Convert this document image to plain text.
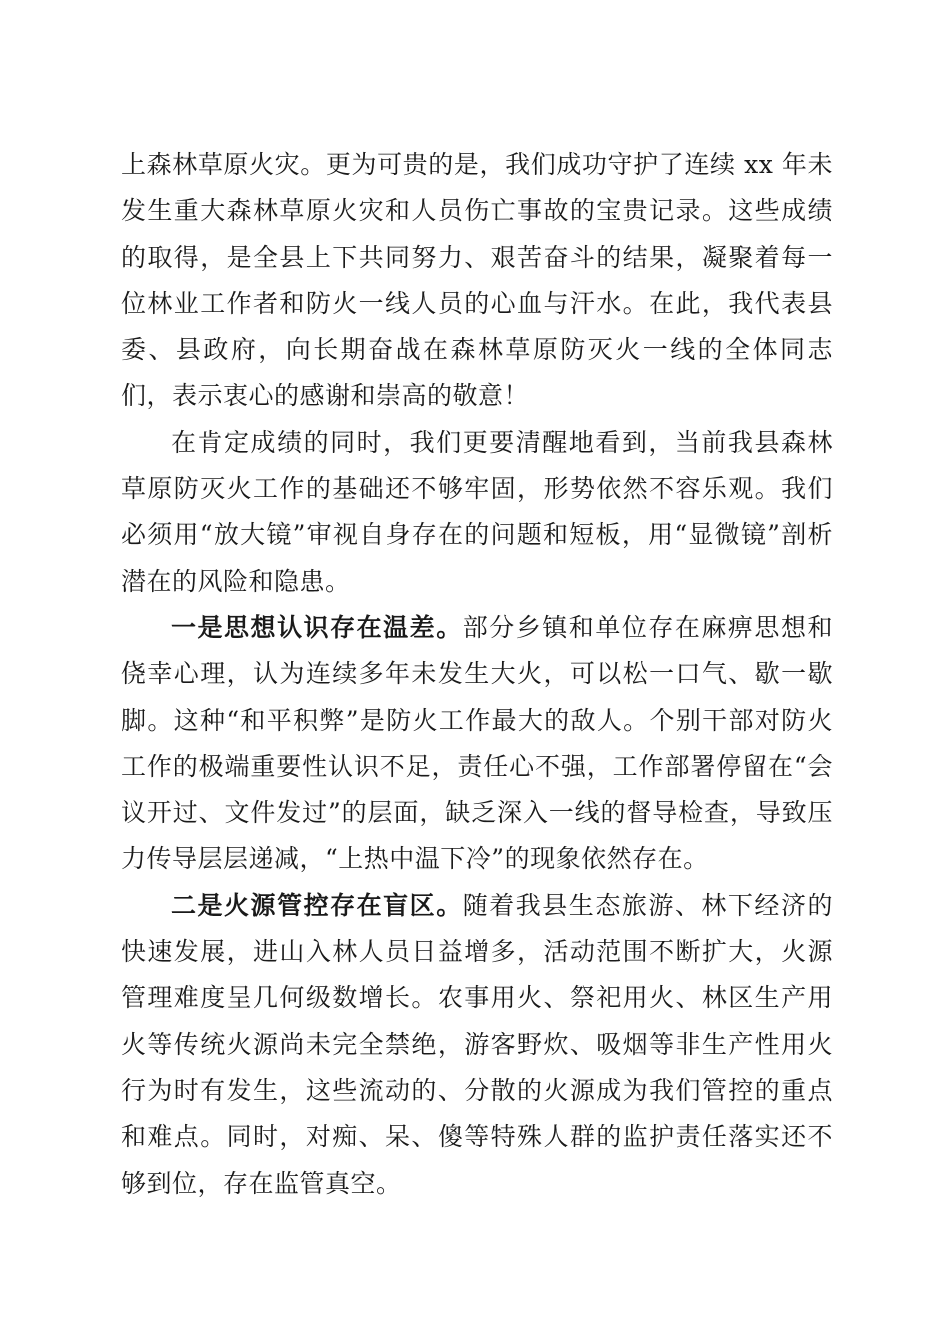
上森林草原火灾。更为可贵的是，我们成功守护了连续 xx 年未发生重大森林草原火灾和人员伤亡事故的宝贵记录。这些成绩的取得，是全县上下共同努力、艰苦奋斗的结果，凝聚着每一位林业工作者和防火一线人员的心血与汗水。在此，我代表县委、县政府，向长期奋战在森林草原防灭火一线的全体同志们，表示衷心的感谢和崇高的敬意！

在肯定成绩的同时，我们更要清醒地看到，当前我县森林草原防灭火工作的基础还不够牢固，形势依然不容乐观。我们必须用“放大镜”审视自身存在的问题和短板，用“显微镜”剖析潜在的风险和隐患。

一是思想认识存在温差。部分乡镇和单位存在麻痹思想和侥幸心理，认为连续多年未发生大火，可以松一口气、歇一歇脚。这种“和平积弊”是防火工作最大的敌人。个别干部对防火工作的极端重要性认识不足，责任心不强，工作部署停留在“会议开过、文件发过”的层面，缺乏深入一线的督导检查，导致压力传导层层递减，“上热中温下冷”的现象依然存在。

二是火源管控存在盲区。随着我县生态旅游、林下经济的快速发展，进山入林人员日益增多，活动范围不断扩大，火源管理难度呈几何级数增长。农事用火、祭祀用火、林区生产用火等传统火源尚未完全禁绝，游客野炊、吸烟等非生产性用火行为时有发生，这些流动的、分散的火源成为我们管控的重点和难点。同时，对痴、呆、傻等特殊人群的监护责任落实还不够到位，存在监管真空。
